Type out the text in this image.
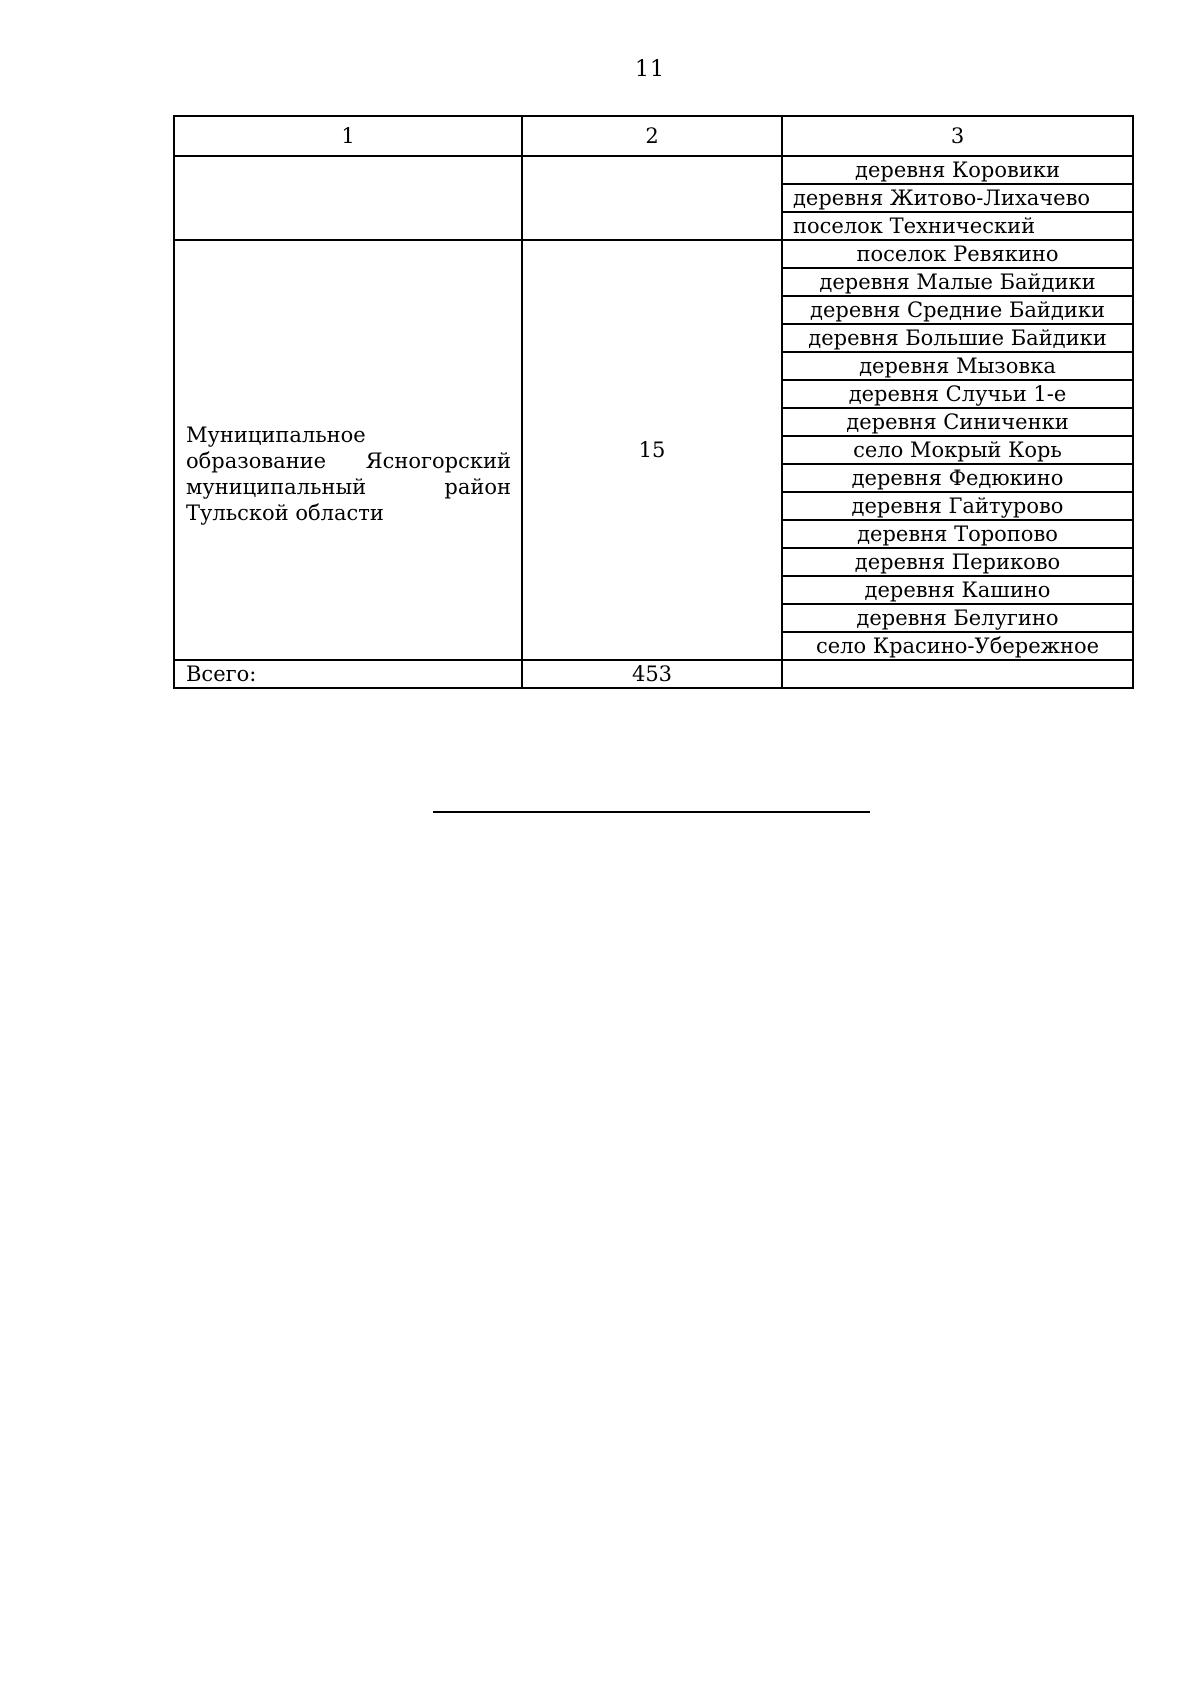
11
1	2	3
		деревня Коровики
		деревня Житово-Лихачево
		поселок Технический
Муниципальное образование Ясногорский муниципальный район Тульской области	15	поселок Ревякино
		деревня Малые Байдики
		деревня Средние Байдики
		деревня Большие Байдики
		деревня Мызовка
		деревня Случьи 1-е
		деревня Синиченки
		село Мокрый Корь
		деревня Федюкино
		деревня Гайтурово
		деревня Торопово
		деревня Периково
		деревня Кашино
		деревня Белугино
		село Красино-Убережное
Всего:	453	
